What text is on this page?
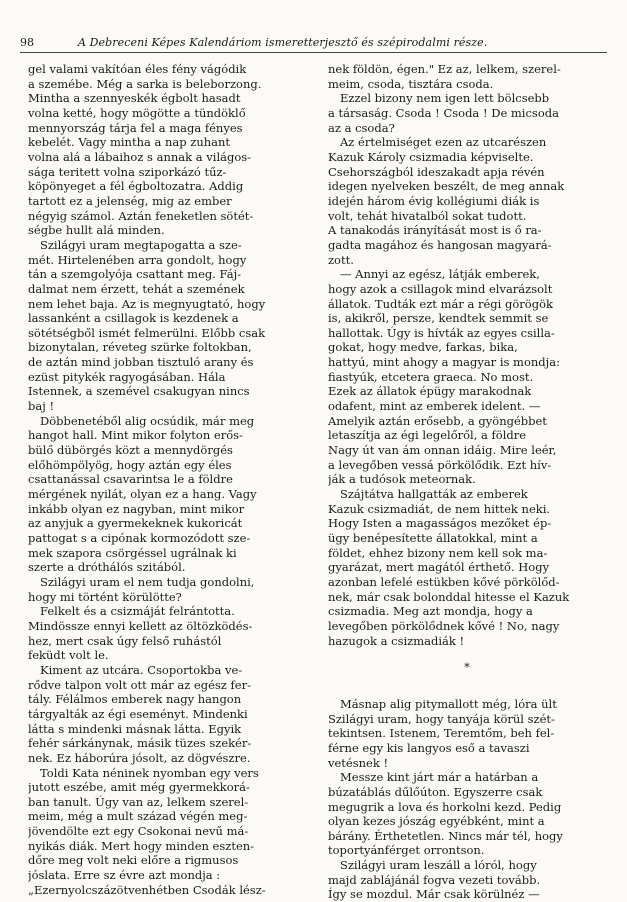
98	A Debreceni Képes Kalendáriom ismeretterjesztő és szépirodalmi része.
gel valami vakítóan éles fény vágódik
a szemébe. Még a sarka is beleborzong.
Mintha a szennyeskék égbolt hasadt
volna ketté, hogy mögötte a tündöklő
mennyország tárja fel a maga fényes
kebelét. Vagy mintha a nap zuhant
volna alá a lábaihoz s annak a világos-
sága teritett volna sziporkázó tűz-
köpönyeget a fél égboltozatra. Addig
tartott ez a jelenség, mig az ember
négyig számol. Aztán feneketlen sötét-
ségbe hullt alá minden.
Szilágyi uram megtapogatta a sze-
mét. Hirtelenében arra gondolt, hogy
tán a szemgolyója csattant meg. Fáj-
dalmat nem érzett, tehát a szemének
nem lehet baja. Az is megnyugtató, hogy
lassanként a csillagok is kezdenek a
sötétségből ismét felmerülni. Előbb csak
bizonytalan, réveteg szürke foltokban,
de aztán mind jobban tisztuló arany és
ezüst pitykék ragyogásában. Hála
Istennek, a szemével csakugyan nincs
baj !
Döbbenetéből alig ocsúdik, már meg
hangot hall. Mint mikor folyton erős-
bülő dübörgés közt a mennydörgés
előhömpölyög, hogy aztán egy éles
csattanással csavarintsa le a földre
mérgének nyilát, olyan ez a hang. Vagy
inkább olyan ez nagyban, mint mikor
az anyjuk a gyermekeknek kukoricát
pattogat s a cipónak kormozódott sze-
mek szapora csörgéssel ugrálnak ki
szerte a dróthálós szitából.
Szilágyi uram el nem tudja gondolni,
hogy mi történt körülötte?
Felkelt és a csizmáját felrántotta.
Mindössze ennyi kellett az öltözködés-
hez, mert csak úgy felső ruhástól
feküdt volt le.
Kiment az utcára. Csoportokba ve-
rődve talpon volt ott már az egész fer-
tály. Félálmos emberek nagy hangon
tárgyalták az égi eseményt. Mindenki
látta s mindenki másnak látta. Egyik
fehér sárkánynak, másik tüzes szekér-
nek. Ez háborúra jósolt, az dögvészre.
Toldi Kata néninek nyomban egy vers
jutott eszébe, amit még gyermekkorá-
ban tanult. Úgy van az, lelkem szerel-
meim, még a mult század végén meg-
jövendölte ezt egy Csokonai nevű má-
nyikás diák. Mert hogy minden eszten-
dőre meg volt neki előre a rigmusos
jóslata. Erre sz évre azt mondja :
„Ezernyolcszázötvenhétben Csodák lész-
nek földön, égen." Ez az, lelkem, szerel-
meim, csoda, tisztára csoda.
Ezzel bizony nem igen lett bölcsebb
a társaság. Csoda ! Csoda ! De micsoda
az a csoda?
Az értelmiséget ezen az utcarészen
Kazuk Károly csizmadia képviselte.
Csehországból ideszakadt apja révén
idegen nyelveken beszélt, de meg annak
idején három évig kollégiumi diák is
volt, tehát hivatalból sokat tudott.
A tanakodás irányítását most is ő ra-
gadta magához és hangosan magyará-
zott.
— Annyi az egész, látják emberek,
hogy azok a csillagok mind elvarázsolt
állatok. Tudták ezt már a régi görögök
is, akikről, persze, kendtek semmit se
hallottak. Úgy is hívták az egyes csilla-
gokat, hogy medve, farkas, bika,
hattyú, mint ahogy a magyar is mondja:
fiastyúk, etcetera graeca. No most.
Ezek az állatok épügy marakodnak
odafent, mint az emberek idelent. —
Amelyik aztán erősebb, a gyöngébbet
letaszítja az égi legelőről, a földre
Nagy út van ám onnan idáig. Mire leér,
a levegőben vessá pörkölődik. Ezt hív-
ják a tudósok meteornak.
Szájtátva hallgatták az emberek
Kazuk csizmadiát, de nem hittek neki.
Hogy Isten a magasságos mezőket ép-
ügy benépesítette állatokkal, mint a
földet, ehhez bizony nem kell sok ma-
gyarázat, mert magától érthető. Hogy
azonban lefelé estükben kővé pörkölőd-
nek, már csak bolonddal hitesse el Kazuk
csizmadia. Meg azt mondja, hogy a
levegőben pörkölődnek kővé ! No, nagy
hazugok a csizmadiák !
*
Másnap alig pitymallott még, lóra ült
Szilágyi uram, hogy tanyája körül szét-
tekintsen. Istenem, Teremtőm, beh fel-
férne egy kis langyos eső a tavaszi
vetésnek !
Messze kint járt már a határban a
búzatáblás dűlőúton. Egyszerre csak
megugrik a lova és horkolni kezd. Pedig
olyan kezes jószág egyébként, mint a
bárány. Érthetetlen. Nincs már tél, hogy
toportyánférget orrontson.
Szilágyi uram leszáll a lóról, hogy
majd zablájánál fogva vezeti tovább.
Így se mozdul. Már csak körülnéz —
